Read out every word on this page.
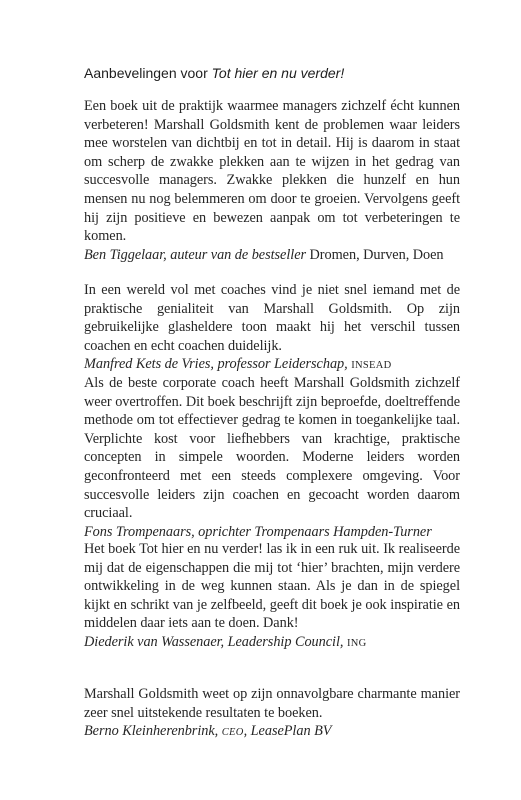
Aanbevelingen voor Tot hier en nu verder!

Een boek uit de praktijk waarmee managers zichzelf écht kunnen verbeteren! Marshall Goldsmith kent de problemen waar leiders mee worstelen van dichtbij en tot in detail. Hij is daarom in staat om scherp de zwakke plekken aan te wijzen in het gedrag van succesvolle managers. Zwakke plekken die hunzelf en hun mensen nu nog belemmeren om door te groeien. Vervolgens geeft hij zijn positieve en bewezen aanpak om tot verbeteringen te komen.

Ben Tiggelaar, auteur van de bestseller Dromen, Durven, Doen

In een wereld vol met coaches vind je niet snel iemand met de praktische genialiteit van Marshall Goldsmith. Op zijn gebruikelijke glasheldere toon maakt hij het verschil tussen coachen en echt coachen duidelijk.

Manfred Kets de Vries, professor Leiderschap, INSEAD

Als de beste corporate coach heeft Marshall Goldsmith zichzelf weer overtroffen. Dit boek beschrijft zijn beproefde, doeltreffende methode om tot effectiever gedrag te komen in toegankelijke taal. Verplichte kost voor liefhebbers van krachtige, praktische concepten in simpele woorden. Moderne leiders worden geconfronteerd met een steeds complexere omgeving. Voor succesvolle leiders zijn coachen en gecoacht worden daarom cruciaal.

Fons Trompenaars, oprichter Trompenaars Hampden-Turner

Het boek Tot hier en nu verder! las ik in een ruk uit. Ik realiseerde mij dat de eigenschappen die mij tot ‘hier’ brachten, mijn verdere ontwikkeling in de weg kunnen staan. Als je dan in de spiegel kijkt en schrikt van je zelfbeeld, geeft dit boek je ook inspiratie en middelen daar iets aan te doen. Dank!

Diederik van Wassenaer, Leadership Council, ING

Marshall Goldsmith weet op zijn onnavolgbare charmante manier zeer snel uitstekende resultaten te boeken.

Berno Kleinherenbrink, CEO, LeasePlan BV
